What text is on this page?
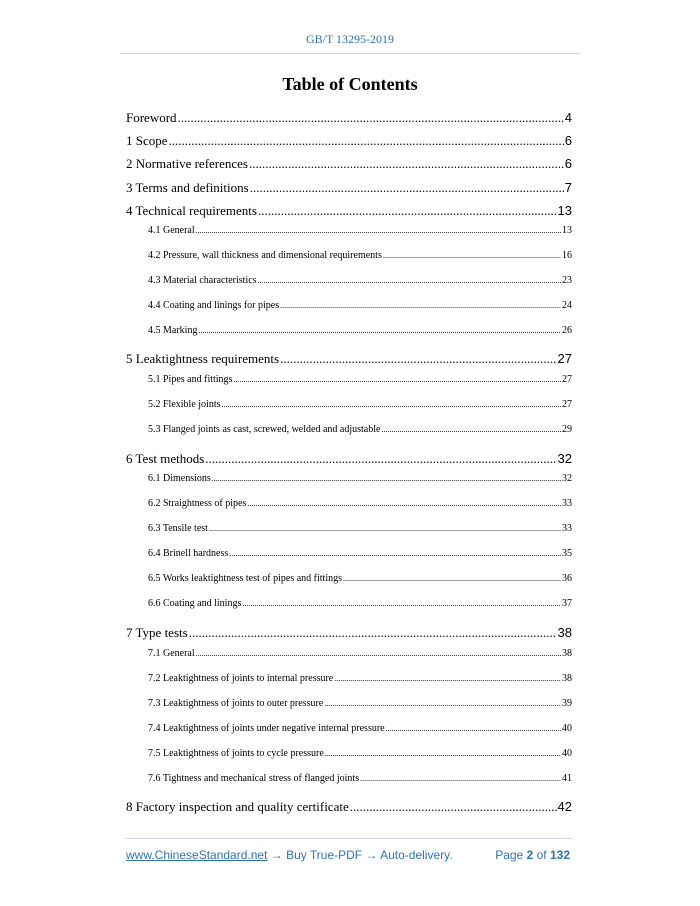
GB/T 13295-2019
Table of Contents
Foreword .....	4
1 Scope .....	6
2 Normative references .....	6
3 Terms and definitions .....	7
4 Technical requirements .....	13
4.1 General .....	13
4.2 Pressure, wall thickness and dimensional requirements .....	16
4.3 Material characteristics .....	23
4.4 Coating and linings for pipes .....	24
4.5 Marking .....	26
5 Leaktightness requirements .....	27
5.1 Pipes and fittings .....	27
5.2 Flexible joints .....	27
5.3 Flanged joints as cast, screwed, welded and adjustable .....	29
6 Test methods .....	32
6.1 Dimensions .....	32
6.2 Straightness of pipes .....	33
6.3 Tensile test .....	33
6.4 Brinell hardness .....	35
6.5 Works leaktightness test of pipes and fittings .....	36
6.6 Coating and linings .....	37
7 Type tests .....	38
7.1 General .....	38
7.2 Leaktightness of joints to internal pressure .....	38
7.3 Leaktightness of joints to outer pressure .....	39
7.4 Leaktightness of joints under negative internal pressure .....	40
7.5 Leaktightness of joints to cycle pressure .....	40
7.6 Tightness and mechanical stress of flanged joints .....	41
8 Factory inspection and quality certificate .....	42
www.ChineseStandard.net → Buy True-PDF → Auto-delivery.	Page 2 of 132
